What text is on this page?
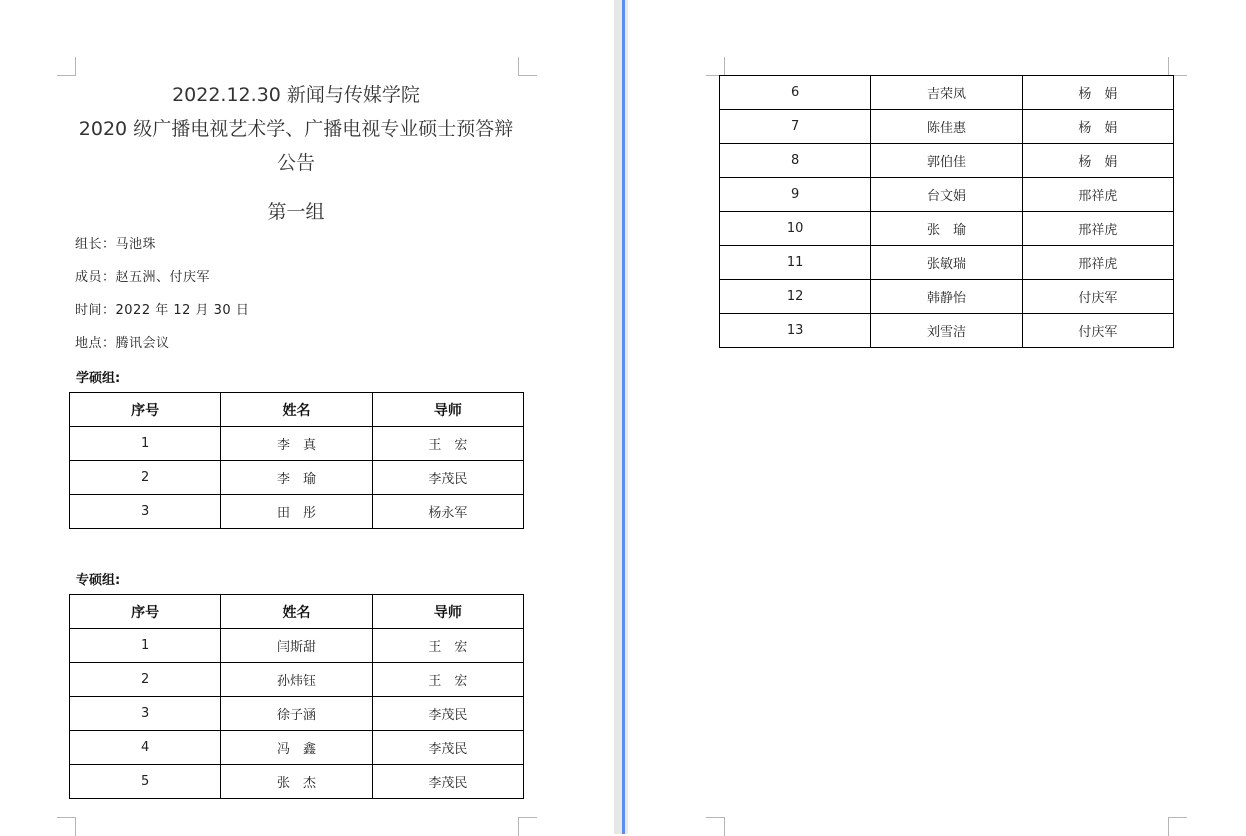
2022.12.30 新闻与传媒学院
2020 级广播电视艺术学、广播电视专业硕士预答辩
公告
第一组
组长：马池珠
成员：赵五洲、付庆军
时间：2022 年 12 月 30 日
地点：腾讯会议
学硕组:
序号	姓名	导师
1	李　真	王　宏
2	李　瑜	李茂民
3	田　彤	杨永军
专硕组:
序号	姓名	导师
1	闫斯甜	王　宏
2	孙炜钰	王　宏
3	徐子涵	李茂民
4	冯　鑫	李茂民
5	张　杰	李茂民
6	吉荣凤	杨　娟
7	陈佳惠	杨　娟
8	郭伯佳	杨　娟
9	台文娟	邢祥虎
10	张　瑜	邢祥虎
11	张敏瑞	邢祥虎
12	韩静怡	付庆军
13	刘雪洁	付庆军
